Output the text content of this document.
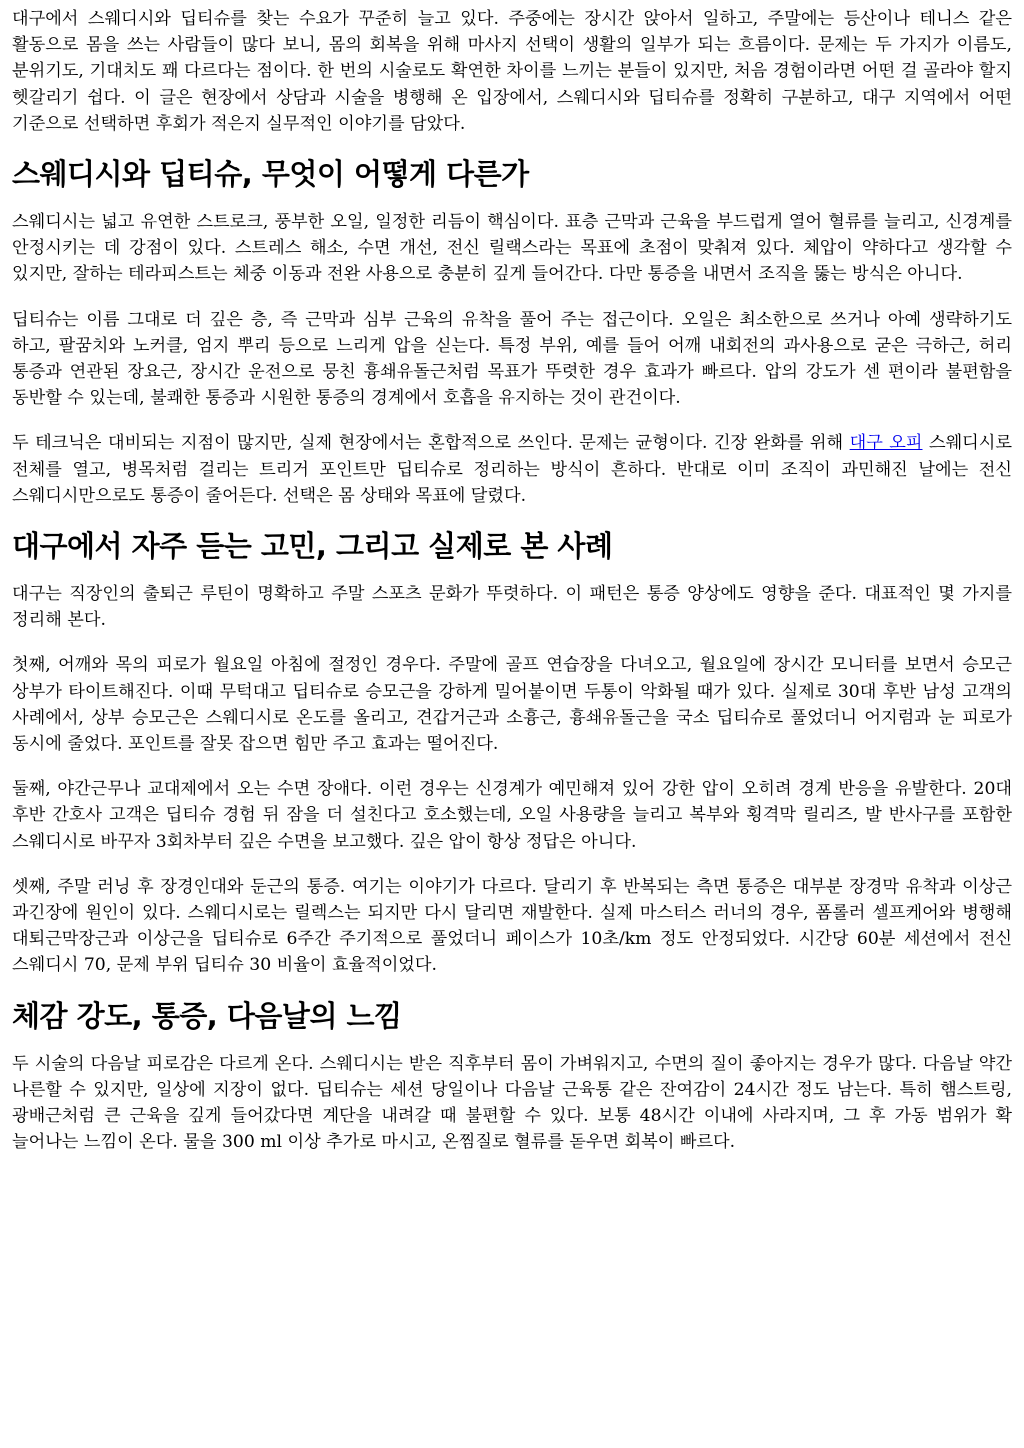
대구에서 스웨디시와 딥티슈를 찾는 수요가 꾸준히 늘고 있다. 주중에는 장시간 앉아서 일하고, 주말에는 등산이나 테니스 같은 활동으로 몸을 쓰는 사람들이 많다 보니, 몸의 회복을 위해 마사지 선택이 생활의 일부가 되는 흐름이다. 문제는 두 가지가 이름도, 분위기도, 기대치도 꽤 다르다는 점이다. 한 번의 시술로도 확연한 차이를 느끼는 분들이 있지만, 처음 경험이라면 어떤 걸 골라야 할지 헷갈리기 쉽다. 이 글은 현장에서 상담과 시술을 병행해 온 입장에서, 스웨디시와 딥티슈를 정확히 구분하고, 대구 지역에서 어떤 기준으로 선택하면 후회가 적은지 실무적인 이야기를 담았다.

스웨디시와 딥티슈, 무엇이 어떻게 다른가

스웨디시는 넓고 유연한 스트로크, 풍부한 오일, 일정한 리듬이 핵심이다. 표층 근막과 근육을 부드럽게 열어 혈류를 늘리고, 신경계를 안정시키는 데 강점이 있다. 스트레스 해소, 수면 개선, 전신 릴랙스라는 목표에 초점이 맞춰져 있다. 체압이 약하다고 생각할 수 있지만, 잘하는 테라피스트는 체중 이동과 전완 사용으로 충분히 깊게 들어간다. 다만 통증을 내면서 조직을 뚫는 방식은 아니다.

딥티슈는 이름 그대로 더 깊은 층, 즉 근막과 심부 근육의 유착을 풀어 주는 접근이다. 오일은 최소한으로 쓰거나 아예 생략하기도 하고, 팔꿈치와 노커클, 엄지 뿌리 등으로 느리게 압을 싣는다. 특정 부위, 예를 들어 어깨 내회전의 과사용으로 굳은 극하근, 허리 통증과 연관된 장요근, 장시간 운전으로 뭉친 흉쇄유돌근처럼 목표가 뚜렷한 경우 효과가 빠르다. 압의 강도가 센 편이라 불편함을 동반할 수 있는데, 불쾌한 통증과 시원한 통증의 경계에서 호흡을 유지하는 것이 관건이다.

두 테크닉은 대비되는 지점이 많지만, 실제 현장에서는 혼합적으로 쓰인다. 문제는 균형이다. 긴장 완화를 위해 대구 오피 스웨디시로 전체를 열고, 병목처럼 걸리는 트리거 포인트만 딥티슈로 정리하는 방식이 흔하다. 반대로 이미 조직이 과민해진 날에는 전신 스웨디시만으로도 통증이 줄어든다. 선택은 몸 상태와 목표에 달렸다.

대구에서 자주 듣는 고민, 그리고 실제로 본 사례

대구는 직장인의 출퇴근 루틴이 명확하고 주말 스포츠 문화가 뚜렷하다. 이 패턴은 통증 양상에도 영향을 준다. 대표적인 몇 가지를 정리해 본다.

첫째, 어깨와 목의 피로가 월요일 아침에 절정인 경우다. 주말에 골프 연습장을 다녀오고, 월요일에 장시간 모니터를 보면서 승모근 상부가 타이트해진다. 이때 무턱대고 딥티슈로 승모근을 강하게 밀어붙이면 두통이 악화될 때가 있다. 실제로 30대 후반 남성 고객의 사례에서, 상부 승모근은 스웨디시로 온도를 올리고, 견갑거근과 소흉근, 흉쇄유돌근을 국소 딥티슈로 풀었더니 어지럼과 눈 피로가 동시에 줄었다. 포인트를 잘못 잡으면 힘만 주고 효과는 떨어진다.

둘째, 야간근무나 교대제에서 오는 수면 장애다. 이런 경우는 신경계가 예민해져 있어 강한 압이 오히려 경계 반응을 유발한다. 20대 후반 간호사 고객은 딥티슈 경험 뒤 잠을 더 설친다고 호소했는데, 오일 사용량을 늘리고 복부와 횡격막 릴리즈, 발 반사구를 포함한 스웨디시로 바꾸자 3회차부터 깊은 수면을 보고했다. 깊은 압이 항상 정답은 아니다.

셋째, 주말 러닝 후 장경인대와 둔근의 통증. 여기는 이야기가 다르다. 달리기 후 반복되는 측면 통증은 대부분 장경막 유착과 이상근 과긴장에 원인이 있다. 스웨디시로는 릴렉스는 되지만 다시 달리면 재발한다. 실제 마스터스 러너의 경우, 폼롤러 셀프케어와 병행해 대퇴근막장근과 이상근을 딥티슈로 6주간 주기적으로 풀었더니 페이스가 10초/km 정도 안정되었다. 시간당 60분 세션에서 전신 스웨디시 70, 문제 부위 딥티슈 30 비율이 효율적이었다.

체감 강도, 통증, 다음날의 느낌

두 시술의 다음날 피로감은 다르게 온다. 스웨디시는 받은 직후부터 몸이 가벼워지고, 수면의 질이 좋아지는 경우가 많다. 다음날 약간 나른할 수 있지만, 일상에 지장이 없다. 딥티슈는 세션 당일이나 다음날 근육통 같은 잔여감이 24시간 정도 남는다. 특히 햄스트링, 광배근처럼 큰 근육을 깊게 들어갔다면 계단을 내려갈 때 불편할 수 있다. 보통 48시간 이내에 사라지며, 그 후 가동 범위가 확 늘어나는 느낌이 온다. 물을 300 ml 이상 추가로 마시고, 온찜질로 혈류를 돋우면 회복이 빠르다.
